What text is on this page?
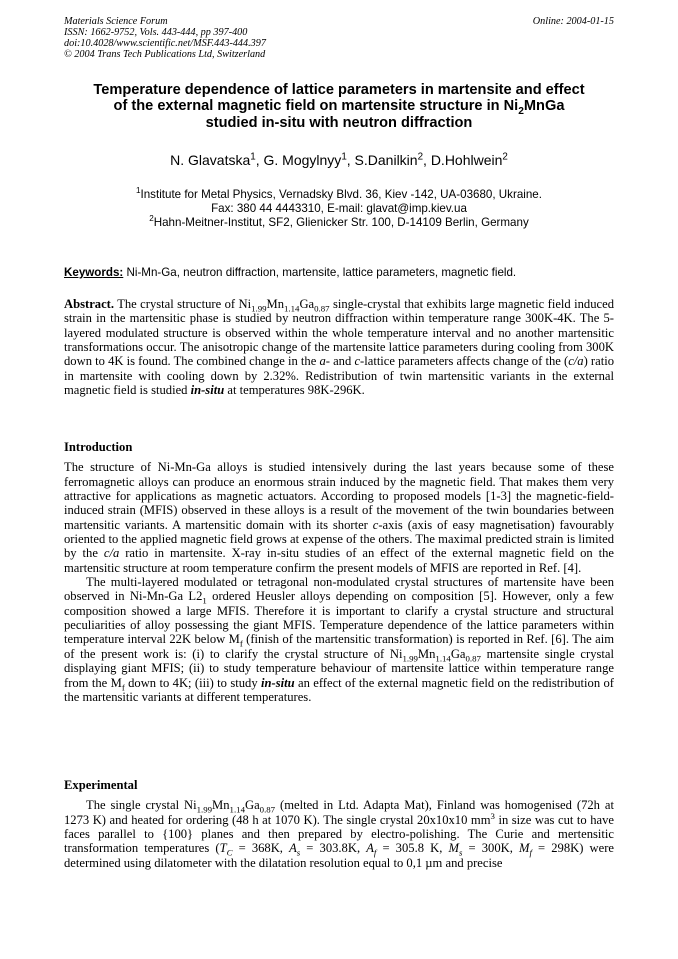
Materials Science Forum
ISSN: 1662-9752, Vols. 443-444, pp 397-400
doi:10.4028/www.scientific.net/MSF.443-444.397
© 2004 Trans Tech Publications Ltd, Switzerland
Online: 2004-01-15
Temperature dependence of lattice parameters in martensite and effect
of the external magnetic field on martensite structure in $Ni_2MnGa$
studied in-situ with neutron diffraction
N. Glavatska$^1$, G. Mogylnyy$^1$, S.Danilkin$^2$, D.Hohlwein$^2$
$^1$Institute for Metal Physics, Vernadsky Blvd. 36, Kiev -142, UA-03680, Ukraine.
Fax: 380 44 4443310, E-mail: glavat@imp.kiev.ua
$^2$Hahn-Meitner-Institut, SF2, Glienicker Str. 100, D-14109 Berlin, Germany
Keywords: Ni-Mn-Ga, neutron diffraction, martensite, lattice parameters, magnetic field.

Abstract. The crystal structure of $Ni_{1.99}Mn_{1.14}Ga_{0.87}$ single-crystal that exhibits large magnetic field induced strain in the martensitic phase is studied by neutron diffraction within temperature range 300K-4K. The 5-layered modulated structure is observed within the whole temperature interval and no another martensitic transformations occur. The anisotropic change of the martensite lattice parameters during cooling from 300K down to 4K is found. The combined change in the a- and c-lattice parameters affects change of the (c/a) ratio in martensite with cooling down by 2.32%. Redistribution of twin martensitic variants in the external magnetic field is studied in-situ at temperatures 98K-296K.

Introduction

The structure of Ni-Mn-Ga alloys is studied intensively during the last years because some of these ferromagnetic alloys can produce an enormous strain induced by the magnetic field. That makes them very attractive for applications as magnetic actuators. According to proposed models [1-3] the magnetic-field-induced strain (MFIS) observed in these alloys is a result of the movement of the twin boundaries between martensitic variants. A martensitic domain with its shorter c-axis (axis of easy magnetisation) favourably oriented to the applied magnetic field grows at expense of the others. The maximal predicted strain is limited by the c/a ratio in martensite. X-ray in-situ studies of an effect of the external magnetic field on the martensitic structure at room temperature confirm the present models of MFIS are reported in Ref. [4].

The multi-layered modulated or tetragonal non-modulated crystal structures of martensite have been observed in Ni-Mn-Ga $L2_1$ ordered Heusler alloys depending on composition [5]. However, only a few composition showed a large MFIS. Therefore it is important to clarify a crystal structure and structural peculiarities of alloy possessing the giant MFIS. Temperature dependence of the lattice parameters within temperature interval 22K below $M_f$ (finish of the martensitic transformation) is reported in Ref. [6]. The aim of the present work is: (i) to clarify the crystal structure of $Ni_{1.99}Mn_{1.14}Ga_{0.87}$ martensite single crystal displaying giant MFIS; (ii) to study temperature behaviour of martensite lattice within temperature range from the $M_f$ down to 4K; (iii) to study in-situ an effect of the external magnetic field on the redistribution of the martensitic variants at different temperatures.

Experimental

The single crystal $Ni_{1.99}Mn_{1.14}Ga_{0.87}$ (melted in Ltd. Adapta Mat), Finland was homogenised (72h at 1273 K) and heated for ordering (48 h at 1070 K). The single crystal 20x10x10 $mm^3$ in size was cut to have faces parallel to {100} planes and then prepared by electro-polishing. The Curie and mertensitic transformation temperatures ($T_C = 368K$, $A_s = 303.8K$, $A_f = 305.8$ K, $M_s = 300K$, $M_f = 298K$) were determined using dilatometer with the dilatation resolution equal to 0,1 µm and precise
